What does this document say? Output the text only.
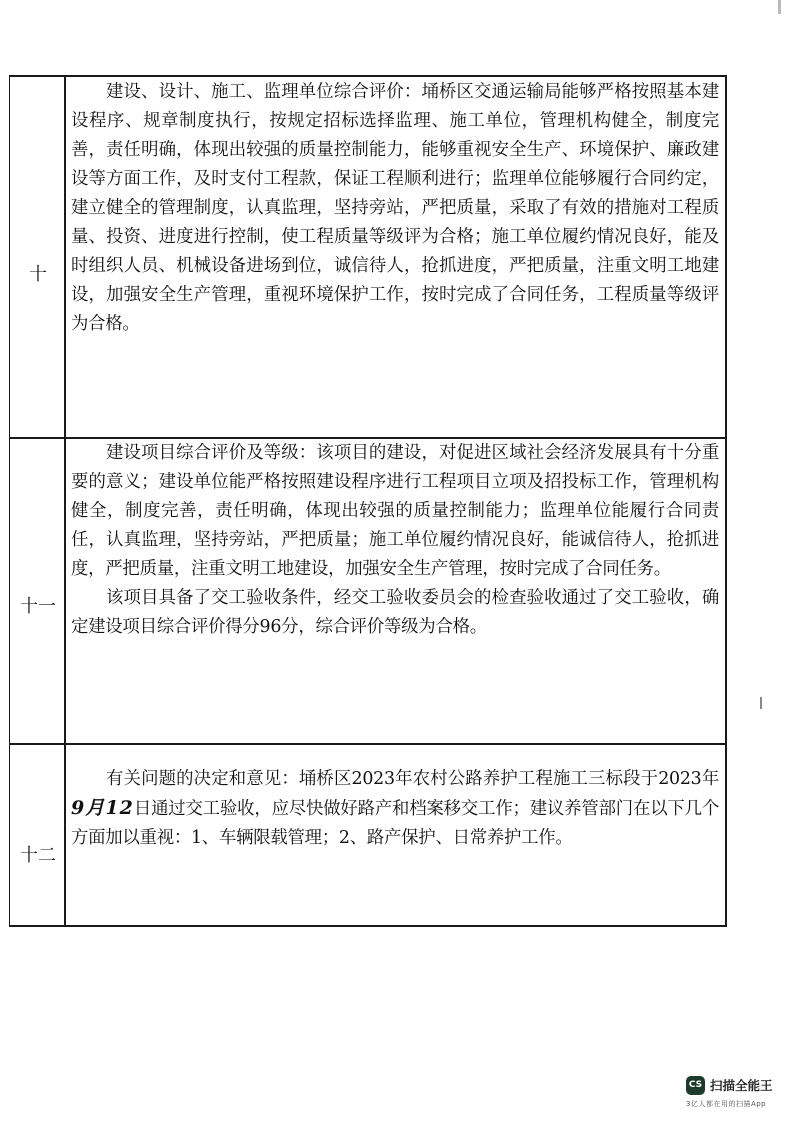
十

建设、设计、施工、监理单位综合评价：埇桥区交通运输局能够严格按照基本建设程序、规章制度执行，按规定招标选择监理、施工单位，管理机构健全，制度完善，责任明确，体现出较强的质量控制能力，能够重视安全生产、环境保护、廉政建设等方面工作，及时支付工程款，保证工程顺利进行；监理单位能够履行合同约定，建立健全的管理制度，认真监理，坚持旁站，严把质量，采取了有效的措施对工程质量、投资、进度进行控制，使工程质量等级评为合格；施工单位履约情况良好，能及时组织人员、机械设备进场到位，诚信待人，抢抓进度，严把质量，注重文明工地建设，加强安全生产管理，重视环境保护工作，按时完成了合同任务，工程质量等级评为合格。

十一

建设项目综合评价及等级：该项目的建设，对促进区域社会经济发展具有十分重要的意义；建设单位能严格按照建设程序进行工程项目立项及招投标工作，管理机构健全，制度完善，责任明确，体现出较强的质量控制能力；监理单位能履行合同责任，认真监理，坚持旁站，严把质量；施工单位履约情况良好，能诚信待人，抢抓进度，严把质量，注重文明工地建设，加强安全生产管理，按时完成了合同任务。

该项目具备了交工验收条件，经交工验收委员会的检查验收通过了交工验收，确定建设项目综合评价得分96分，综合评价等级为合格。

十二

有关问题的决定和意见：埇桥区2023年农村公路养护工程施工三标段于2023年9月12日通过交工验收，应尽快做好路产和档案移交工作；建议养管部门在以下几个方面加以重视：1、车辆限载管理；2、路产保护、日常养护工作。

CS 扫描全能王
3亿人都在用的扫描App
